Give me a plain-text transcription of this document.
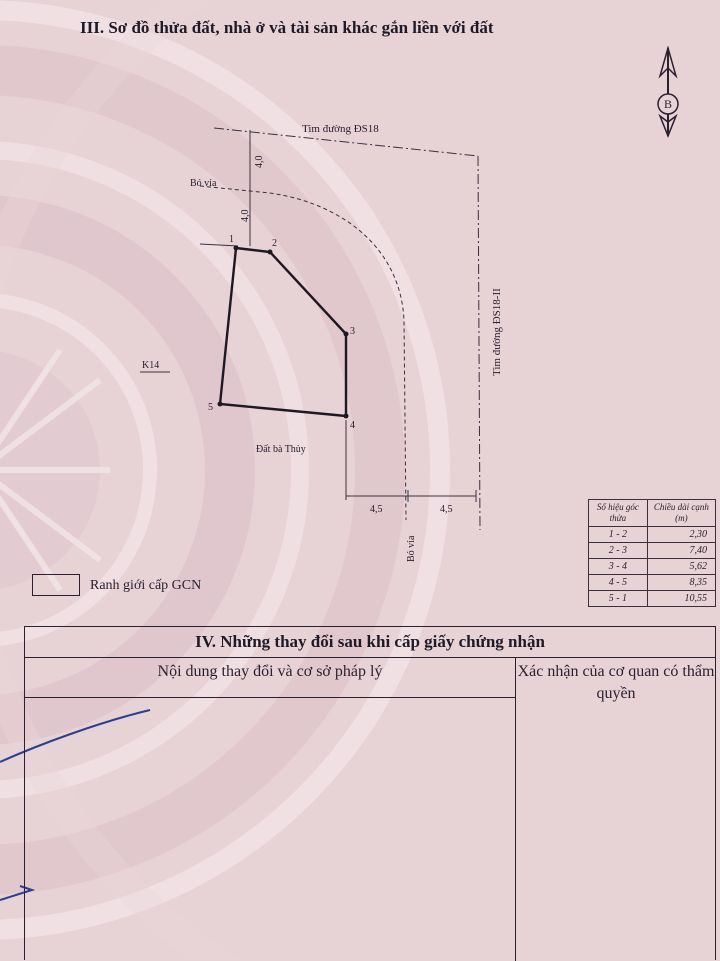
III. Sơ đồ thửa đất, nhà ở và tài sản khác gắn liền với đất
B
Tim đường ĐS18
Tim đường ĐS18-II
Bó vỉa
Bó vỉa
4,0
4,0
4,5	4,5
K14
Đất bà Thủy
1	2
3
4
5
Ranh giới cấp GCN
Số hiệu góc thửa	Chiều dài cạnh (m)
1 - 2	2,30
2 - 3	7,40
3 - 4	5,62
4 - 5	8,35
5 - 1	10,55
IV. Những thay đổi sau khi cấp giấy chứng nhận
Nội dung thay đổi và cơ sở pháp lý	Xác nhận của cơ quan có thẩm quyền
